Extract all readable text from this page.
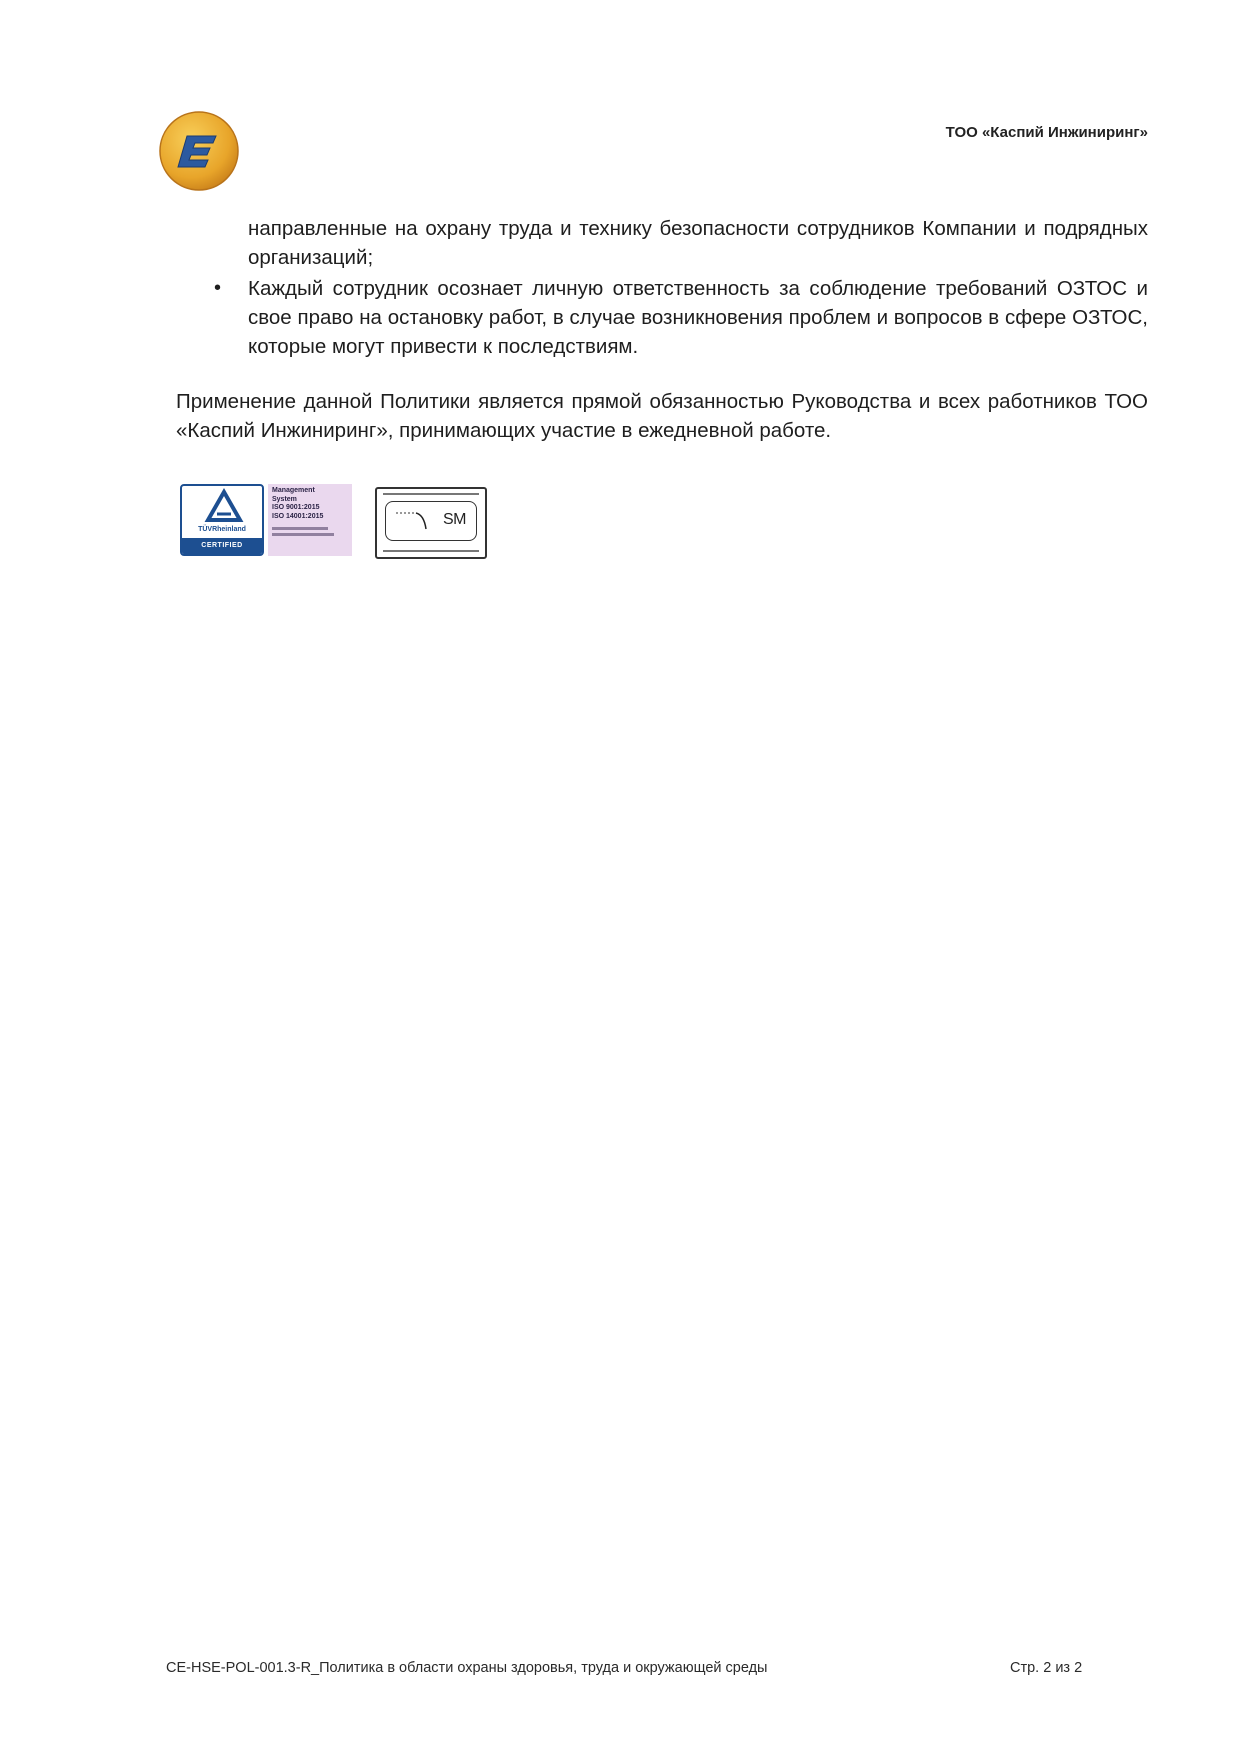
ТОО «Каспий Инжиниринг»
направленные на охрану труда и технику безопасности сотрудников Компании и подрядных организаций;
• Каждый сотрудник осознает личную ответственность за соблюдение требований ОЗТОС и свое право на остановку работ, в случае возникновения проблем и вопросов в сфере ОЗТОС, которые могут привести к последствиям.
Применение данной Политики является прямой обязанностью Руководства и всех работников ТОО «Каспий Инжиниринг», принимающих участие в ежедневной работе.
TÜVRheinland
CERTIFIED
Management
System
ISO 9001:2015
ISO 14001:2015	SM
CE-HSE-POL-001.3-R_Политика в области охраны здоровья, труда и окружающей среды	Стр. 2 из 2
